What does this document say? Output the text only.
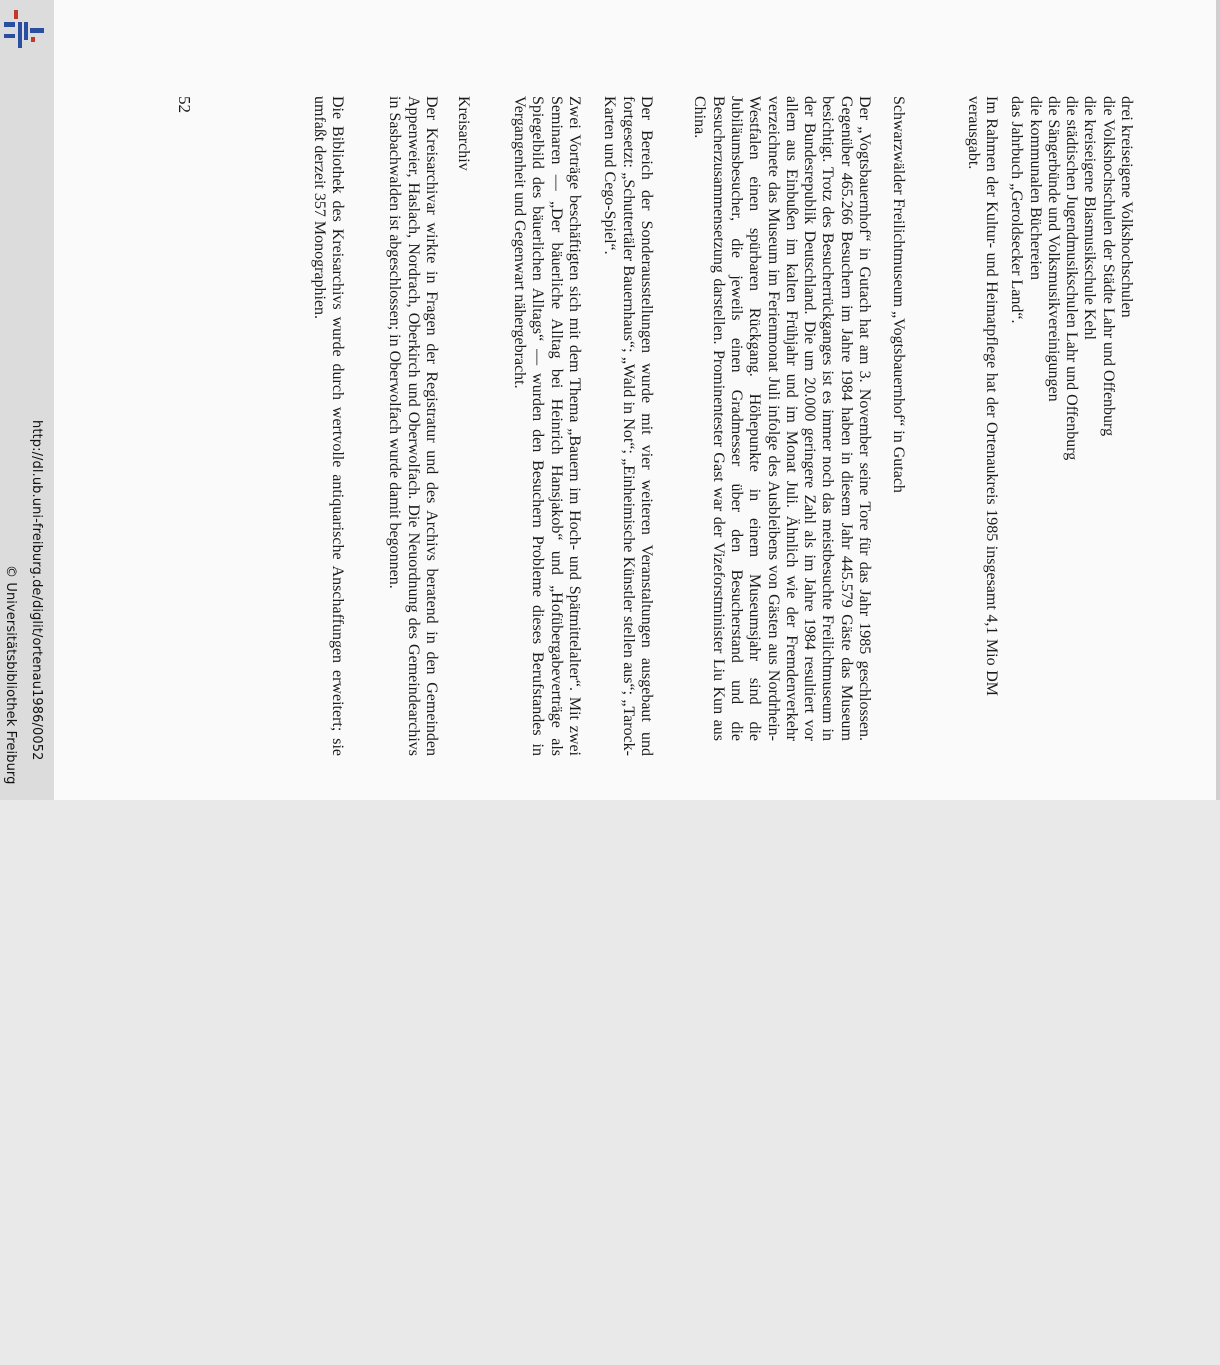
http://dl.ub.uni-freiburg.de/diglit/ortenau1986/0052
© Universitätsbibliothek Freiburg
drei kreiseigene Volkshochschulen
die Volkshochschulen der Städte Lahr und Offenburg
die kreiseigene Blasmusikschule Kehl
die städtischen Jugendmusikschulen Lahr und Offenburg
die Sängerbünde und Volksmusikvereinigungen
die kommunalen Büchereien
das Jahrbuch „Geroldsecker Land“.

Im Rahmen der Kultur- und Heimatpflege hat der Ortenaukreis 1985 insgesamt 4,1 Mio DM verausgabt.

Schwarzwälder Freilichtmuseum „Vogtsbauernhof“ in Gutach

Der „Vogtsbauernhof“ in Gutach hat am 3. November seine Tore für das Jahr 1985 geschlossen. Gegenüber 465.266 Besuchern im Jahre 1984 haben in diesem Jahr 445.579 Gäste das Museum besichtigt. Trotz des Besucherrückganges ist es immer noch das meistbesuchte Freilichtmuseum in der Bundesrepublik Deutschland. Die um 20.000 geringere Zahl als im Jahre 1984 resultiert vor allem aus Einbußen im kalten Frühjahr und im Monat Juli. Ähnlich wie der Fremdenverkehr verzeichnete das Museum im Ferienmonat Juli infolge des Ausbleibens von Gästen aus Nordrhein-Westfalen einen spürbaren Rückgang. Höhepunkte in einem Museumsjahr sind die Jubiläumsbesucher, die jeweils einen Gradmesser über den Besucherstand und die Besucherzusammensetzung darstellen. Prominentester Gast war der Vizeforstminister Liu Kun aus China.

Der Bereich der Sonderausstellungen wurde mit vier weiteren Veranstaltungen ausgebaut und fortgesetzt: „Schuttertäler Bauernhaus“; „Wald in Not“; „Einheimische Künstler stellen aus“; „Tarock-Karten und Cego-Spiel“.

Zwei Vorträge beschäftigten sich mit dem Thema „Bauern im Hoch- und Spätmittelalter“. Mit zwei Seminaren — „Der bäuerliche Alltag bei Heinrich Hansjakob“ und „Hofübergabeverträge als Spiegelbild des bäuerlichen Alltags“ — wurden den Besuchern Probleme dieses Berufstandes in Vergangenheit und Gegenwart nähergebracht.

Kreisarchiv

Der Kreisarchivar wirkte in Fragen der Registratur und des Archivs beratend in den Gemeinden Appenweier, Haslach, Nordrach, Oberkirch und Oberwolfach. Die Neuordnung des Gemeindearchivs in Sasbachwalden ist abgeschlossen; in Oberwolfach wurde damit begonnen.

Die Bibliothek des Kreisarchivs wurde durch wertvolle antiquarische Anschaffungen erweitert; sie umfaßt derzeit 357 Monographien.

52
